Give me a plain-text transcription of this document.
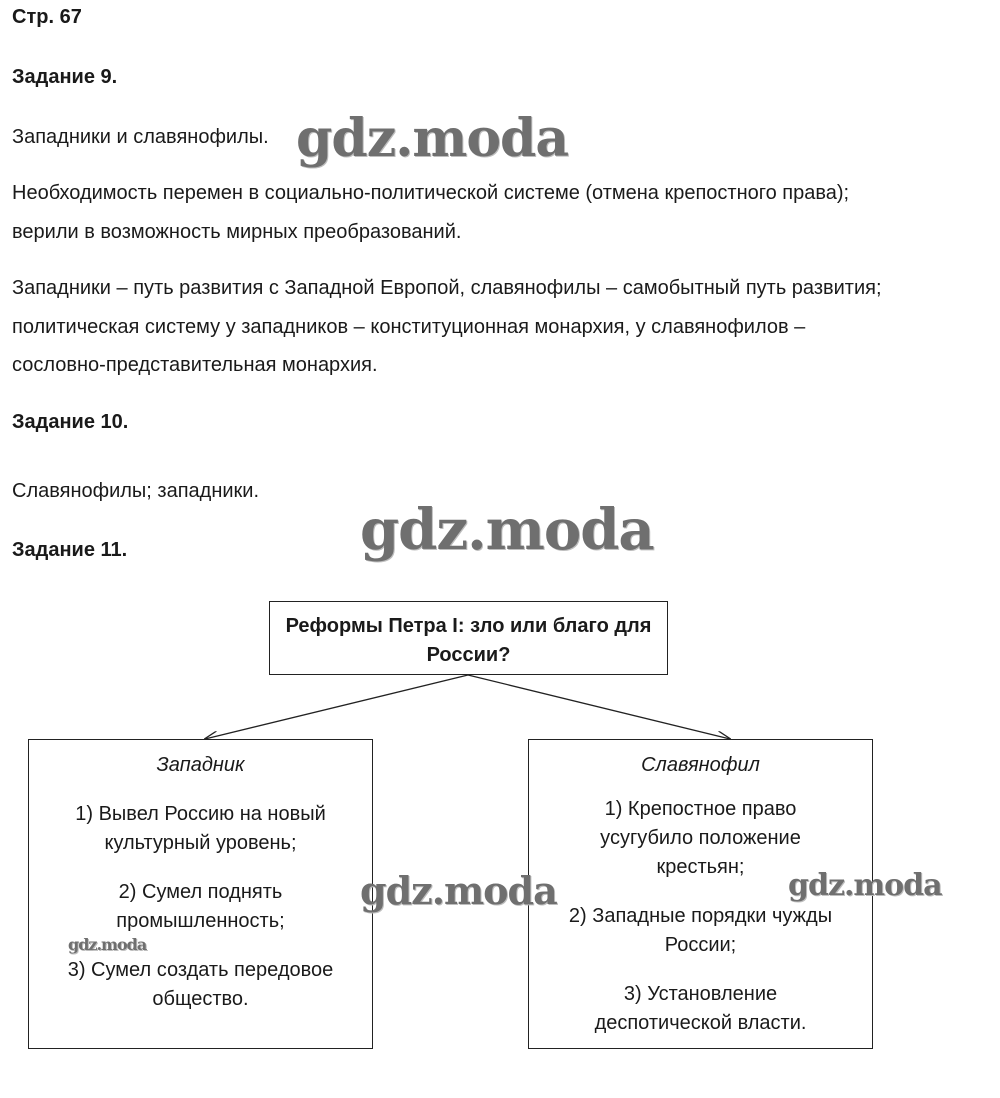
Стр. 67
Задание 9.
Западники и славянофилы.
Необходимость перемен в социально-политической системе (отмена крепостного права);
верили в возможность мирных преобразований.
Западники – путь развития с Западной Европой, славянофилы – самобытный путь развития;
политическая систему у западников – конституционная монархия, у славянофилов –
сословно-представительная монархия.
Задание 10.
Славянофилы; западники.
Задание 11.
Реформы Петра I: зло или благо для России?
Западник
1) Вывел Россию на новый
культурный уровень;
2) Сумел поднять
промышленность;
3) Сумел создать передовое
общество.
Славянофил
1) Крепостное право
усугубило положение
крестьян;
2) Западные порядки чужды
России;
3) Установление
деспотической власти.
gdz.moda
gdz.moda
gdz.moda	gdz.moda
gdz.moda
